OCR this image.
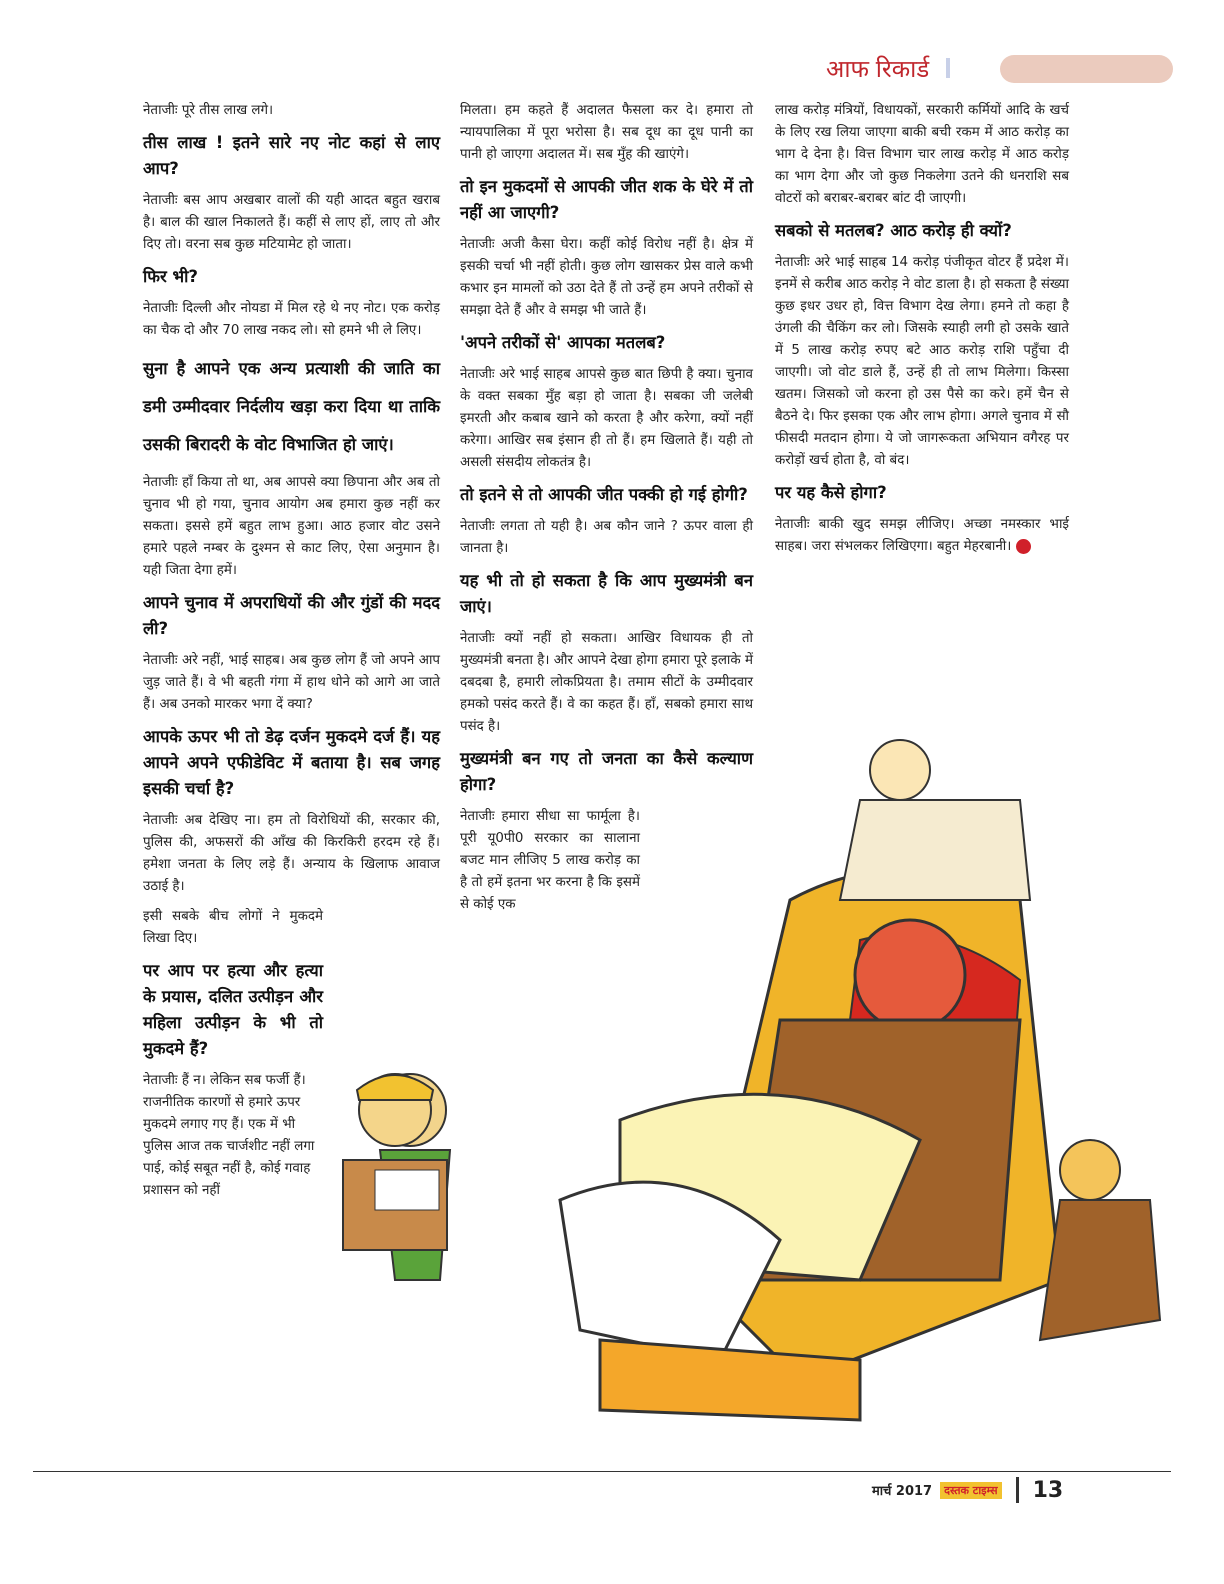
आफ रिकार्ड

नेताजीः पूरे तीस लाख लगे।

तीस लाख ! इतने सारे नए नोट कहां से लाए आप?

नेताजीः बस आप अखबार वालों की यही आदत बहुत खराब है। बाल की खाल निकालते हैं। कहीं से लाए हों, लाए तो और दिए तो। वरना सब कुछ मटियामेट हो जाता।

फिर भी?

नेताजीः दिल्ली और नोयडा में मिल रहे थे नए नोट। एक करोड़ का चैक दो और 70 लाख नकद लो। सो हमने भी ले लिए।

सुना है आपने एक अन्य प्रत्याशी की जाति का डमी उम्मीदवार निर्दलीय खड़ा करा दिया था ताकि उसकी बिरादरी के वोट विभाजित हो जाएं।

नेताजीः हॉं किया तो था, अब आपसे क्या छिपाना और अब तो चुनाव भी हो गया, चुनाव आयोग अब हमारा कुछ नहीं कर सकता। इससे हमें बहुत लाभ हुआ। आठ हजार वोट उसने हमारे पहले नम्बर के दुश्मन से काट लिए, ऐसा अनुमान है। यही जिता देगा हमें।

आपने चुनाव में अपराधियों की और गुंडों की मदद ली?

नेताजीः अरे नहीं, भाई साहब। अब कुछ लोग हैं जो अपने आप जुड़ जाते हैं। वे भी बहती गंगा में हाथ धोने को आगे आ जाते हैं। अब उनको मारकर भगा दें क्या?

आपके ऊपर भी तो डेढ़ दर्जन मुकदमे दर्ज हैं। यह आपने अपने एफीडेविट में बताया है। सब जगह इसकी चर्चा है?

नेताजीः अब देखिए ना। हम तो विरोधियों की, सरकार की, पुलिस की, अफसरों की आँख की किरकिरी हरदम रहे हैं। हमेशा जनता के लिए लड़े हैं। अन्याय के खिलाफ आवाज उठाई है।

इसी सबके बीच लोगों ने मुकदमे लिखा दिए।

पर आप पर हत्या और हत्या के प्रयास, दलित उत्पीड़न और महिला उत्पीड़न के भी तो मुकदमे हैं?

नेताजीः हैं न। लेकिन सब फर्जी हैं। राजनीतिक कारणों से हमारे ऊपर मुकदमे लगाए गए हैं। एक में भी पुलिस आज तक चार्जशीट नहीं लगा पाई, कोई सबूत नहीं है, कोई गवाह प्रशासन को नहीं

मिलता। हम कहते हैं अदालत फैसला कर दे। हमारा तो न्यायपालिका में पूरा भरोसा है। सब दूध का दूध पानी का पानी हो जाएगा अदालत में। सब मुँह की खाएंगे।

तो इन मुकदमों से आपकी जीत शक के घेरे में तो नहीं आ जाएगी?

नेताजीः अजी कैसा घेरा। कहीं कोई विरोध नहीं है। क्षेत्र में इसकी चर्चा भी नहीं होती। कुछ लोग खासकर प्रेस वाले कभी कभार इन मामलों को उठा देते हैं तो उन्हें हम अपने तरीकों से समझा देते हैं और वे समझ भी जाते हैं।

'अपने तरीकों से' आपका मतलब?

नेताजीः अरे भाई साहब आपसे कुछ बात छिपी है क्या। चुनाव के वक्त सबका मुँह बड़ा हो जाता है। सबका जी जलेबी इमरती और कबाब खाने को करता है और करेगा, क्यों नहीं करेगा। आखिर सब इंसान ही तो हैं। हम खिलाते हैं। यही तो असली संसदीय लोकतंत्र है।

तो इतने से तो आपकी जीत पक्की हो गई होगी?

नेताजीः लगता तो यही है। अब कौन जाने ? ऊपर वाला ही जानता है।

यह भी तो हो सकता है कि आप मुख्यमंत्री बन जाएं।

नेताजीः क्यों नहीं हो सकता। आखिर विधायक ही तो मुख्यमंत्री बनता है। और आपने देखा होगा हमारा पूरे इलाके में दबदबा है, हमारी लोकप्रियता है। तमाम सीटों के उम्मीदवार हमको पसंद करते हैं। वे का कहत हैं। हॉं, सबको हमारा साथ पसंद है।

मुख्यमंत्री बन गए तो जनता का कैसे कल्याण होगा?

नेताजीः हमारा सीधा सा फार्मूला है। पूरी यू0पी0 सरकार का सालाना बजट मान लीजिए 5 लाख करोड़ का है तो हमें इतना भर करना है कि इसमें से कोई एक

लाख करोड़ मंत्रियों, विधायकों, सरकारी कर्मियों आदि के खर्च के लिए रख लिया जाएगा बाकी बची रकम में आठ करोड़ का भाग दे देना है। वित्त विभाग चार लाख करोड़ में आठ करोड़ का भाग देगा और जो कुछ निकलेगा उतने की धनराशि सब वोटरों को बराबर-बराबर बांट दी जाएगी।

सबको से मतलब? आठ करोड़ ही क्यों?

नेताजीः अरे भाई साहब 14 करोड़ पंजीकृत वोटर हैं प्रदेश में। इनमें से करीब आठ करोड़ ने वोट डाला है। हो सकता है संख्या कुछ इधर उधर हो, वित्त विभाग देख लेगा। हमने तो कहा है उंगली की चैकिंग कर लो। जिसके स्याही लगी हो उसके खाते में 5 लाख करोड़ रुपए बटे आठ करोड़ राशि पहुँचा दी जाएगी। जो वोट डाले हैं, उन्हें ही तो लाभ मिलेगा। किस्सा खतम। जिसको जो करना हो उस पैसे का करे। हमें चैन से बैठने दे। फिर इसका एक और लाभ होगा। अगले चुनाव में सौ फीसदी मतदान होगा। ये जो जागरूकता अभियान वगैरह पर करोड़ों खर्च होता है, वो बंद।

पर यह कैसे होगा?

नेताजीः बाकी खुद समझ लीजिए। अच्छा नमस्कार भाई साहब। जरा संभलकर लिखिएगा। बहुत मेहरबानी।

मार्च 2017	दस्तक टाइम्स 13
